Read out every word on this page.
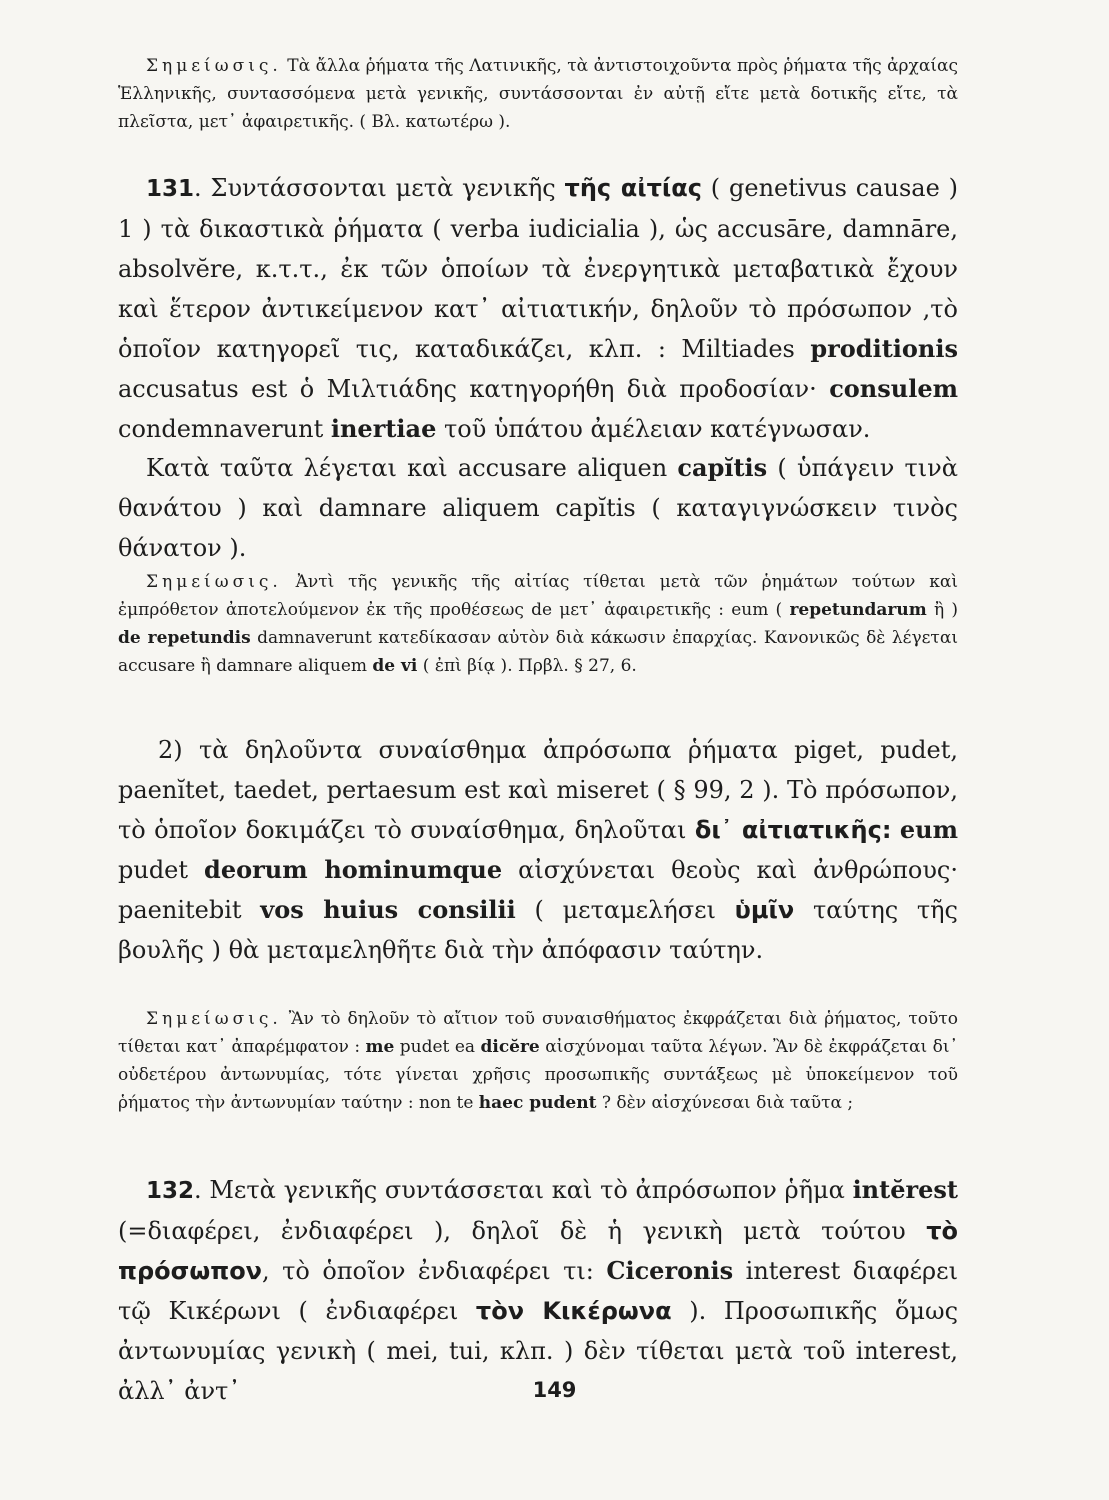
Σημείωσις. Τὰ ἄλλα ῥήματα τῆς Λατινικῆς, τὰ ἀντιστοιχοῦντα πρὸς ῥήματα τῆς ἀρχαίας Ἑλληνικῆς, συντασσόμενα μετὰ γενικῆς, συντάσσονται ἐν αὐτῇ εἴτε μετὰ δοτικῆς εἴτε, τὰ πλεῖστα, μετ᾿ ἀφαιρετικῆς. ( Βλ. κατωτέρω ).

131. Συντάσσονται μετὰ γενικῆς τῆς αἰτίας ( genetivus causae ) 1 ) τὰ δικαστικὰ ῥήματα ( verba iudicialia ), ὡς accusāre, damnāre, absolvĕre, κ.τ.τ., ἐκ τῶν ὁποίων τὰ ἐνεργητικὰ μεταβατικὰ ἔχουν καὶ ἕτερον ἀντικείμενον κατ᾿ αἰτιατικήν, δηλοῦν τὸ πρόσωπον ,τὸ ὁποῖον κατηγορεῖ τις, καταδικάζει, κλπ. : Miltiades proditionis accusatus est ὁ Μιλτιάδης κατηγορήθη διὰ προδοσίαν· consulem condemnaverunt inertiae τοῦ ὑπάτου ἀμέλειαν κατέγνωσαν.

Κατὰ ταῦτα λέγεται καὶ accusare aliquen capĭtis ( ὑπάγειν τινὰ θανάτου ) καὶ damnare aliquem capĭtis ( καταγιγνώσκειν τινὸς θάνατον ).

Σημείωσις. Ἀντὶ τῆς γενικῆς τῆς αἰτίας τίθεται μετὰ τῶν ῥημάτων τούτων καὶ ἐμπρόθετον ἀποτελούμενον ἐκ τῆς προθέσεως de μετ᾿ ἀφαιρετικῆς : eum ( repetundarum ἢ ) de repetundis damnaverunt κατεδίκασαν αὐτὸν διὰ κάκωσιν ἐπαρχίας. Κανονικῶς δὲ λέγεται accusare ἢ damnare aliquem de vi ( ἐπὶ βίᾳ ). Πρβλ. § 27, 6.

2) τὰ δηλοῦντα συναίσθημα ἀπρόσωπα ῥήματα piget, pudet, paenĭtet, taedet, pertaesum est καὶ miseret ( § 99, 2 ). Τὸ πρόσωπον, τὸ ὁποῖον δοκιμάζει τὸ συναίσθημα, δηλοῦται δι᾿ αἰτιατικῆς: eum pudet deorum hominumque αἰσχύνεται θεοὺς καὶ ἀνθρώπους· paenitebit vos huius consilii ( μεταμελήσει ὑμῖν ταύτης τῆς βουλῆς ) θὰ μεταμεληθῆτε διὰ τὴν ἀπόφασιν ταύτην.

Σημείωσις. Ἂν τὸ δηλοῦν τὸ αἴτιον τοῦ συναισθήματος ἐκφράζεται διὰ ῥήματος, τοῦτο τίθεται κατ᾿ ἀπαρέμφατον : me pudet ea dicĕre αἰσχύνομαι ταῦτα λέγων. Ἂν δὲ ἐκφράζεται δι᾿ οὐδετέρου ἀντωνυμίας, τότε γίνεται χρῆσις προσωπικῆς συντάξεως μὲ ὑποκείμενον τοῦ ῥήματος τὴν ἀντωνυμίαν ταύτην : non te haec pudent ? δὲν αἰσχύνεσαι διὰ ταῦτα ;

132. Μετὰ γενικῆς συντάσσεται καὶ τὸ ἀπρόσωπον ῥῆμα intĕrest (=διαφέρει, ἐνδιαφέρει ), δηλοῖ δὲ ἡ γενικὴ μετὰ τούτου τὸ πρόσωπον, τὸ ὁποῖον ἐνδιαφέρει τι: Ciceronis interest διαφέρει τῷ Κικέρωνι ( ἐνδιαφέρει τὸν Κικέρωνα ). Προσωπικῆς ὅμως ἀντωνυμίας γενικὴ ( mei, tui, κλπ. ) δὲν τίθεται μετὰ τοῦ interest, ἀλλ᾿ ἀντ᾿	149
